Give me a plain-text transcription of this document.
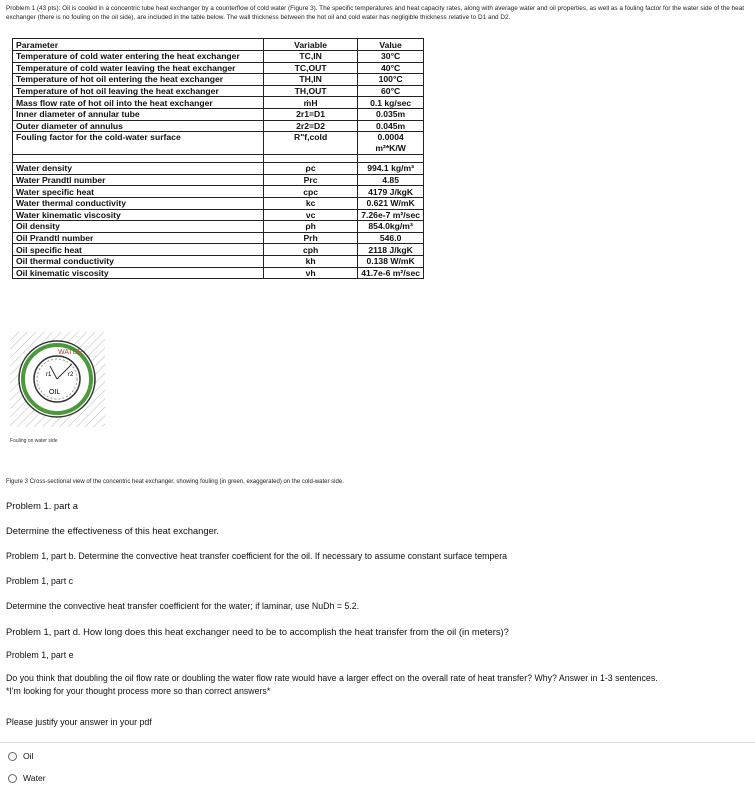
Problem 1 (43 pts): Oil is cooled in a concentric tube heat exchanger by a counterflow of cold water (Figure 3). The specific temperatures and heat capacity rates, along with average water and oil properties, as well as a fouling factor for the water side of the heat exchanger (there is no fouling on the oil side), are included in the table below. The wall thickness between the hot oil and cold water has negligible thickness relative to D1 and D2.
Parameter	Variable	Value
Temperature of cold water entering the heat exchanger	TC,IN	30°C
Temperature of cold water leaving the heat exchanger	TC,OUT	40°C
Temperature of hot oil entering the heat exchanger	TH,IN	100°C
Temperature of hot oil leaving the heat exchanger	TH,OUT	60°C
Mass flow rate of hot oil into the heat exchanger	ṁH	0.1 kg/sec
Inner diameter of annular tube	2r1=D1	0.035m
Outer diameter of annulus	2r2=D2	0.045m
Fouling factor for the cold-water surface	R"f,cold	0.0004 m²*K/W

Water density	ρc	994.1 kg/m³
Water Prandtl number	Prc	4.85
Water specific heat	cpc	4179 J/kgK
Water thermal conductivity	kc	0.621 W/mK
Water kinematic viscosity	νc	7.26e-7 m²/sec
Oil density	ρh	854.0kg/m³
Oil Prandtl number	Prh	546.0
Oil specific heat	cph	2118 J/kgK
Oil thermal conductivity	kh	0.138 W/mK
Oil kinematic viscosity	νh	41.7e-6 m²/sec
WATER
r1	r2
OIL
Fouling on water side
Figure 3 Cross-sectional view of the concentric heat exchanger, showing fouling (in green, exaggerated) on the cold-water side.
Problem 1. part a
Determine the effectiveness of this heat exchanger.
Problem 1, part b. Determine the convective heat transfer coefficient for the oil. If necessary to assume constant surface tempera
Problem 1, part c
Determine the convective heat transfer coefficient for the water; if laminar, use NuDh = 5.2.
Problem 1, part d. How long does this heat exchanger need to be to accomplish the heat transfer from the oil (in meters)?
Problem 1, part e
Do you think that doubling the oil flow rate or doubling the water flow rate would have a larger effect on the overall rate of heat transfer? Why? Answer in 1-3 sentences.
*I'm looking for your thought process more so than correct answers*
Please justify your answer in your pdf
Oil
Water
